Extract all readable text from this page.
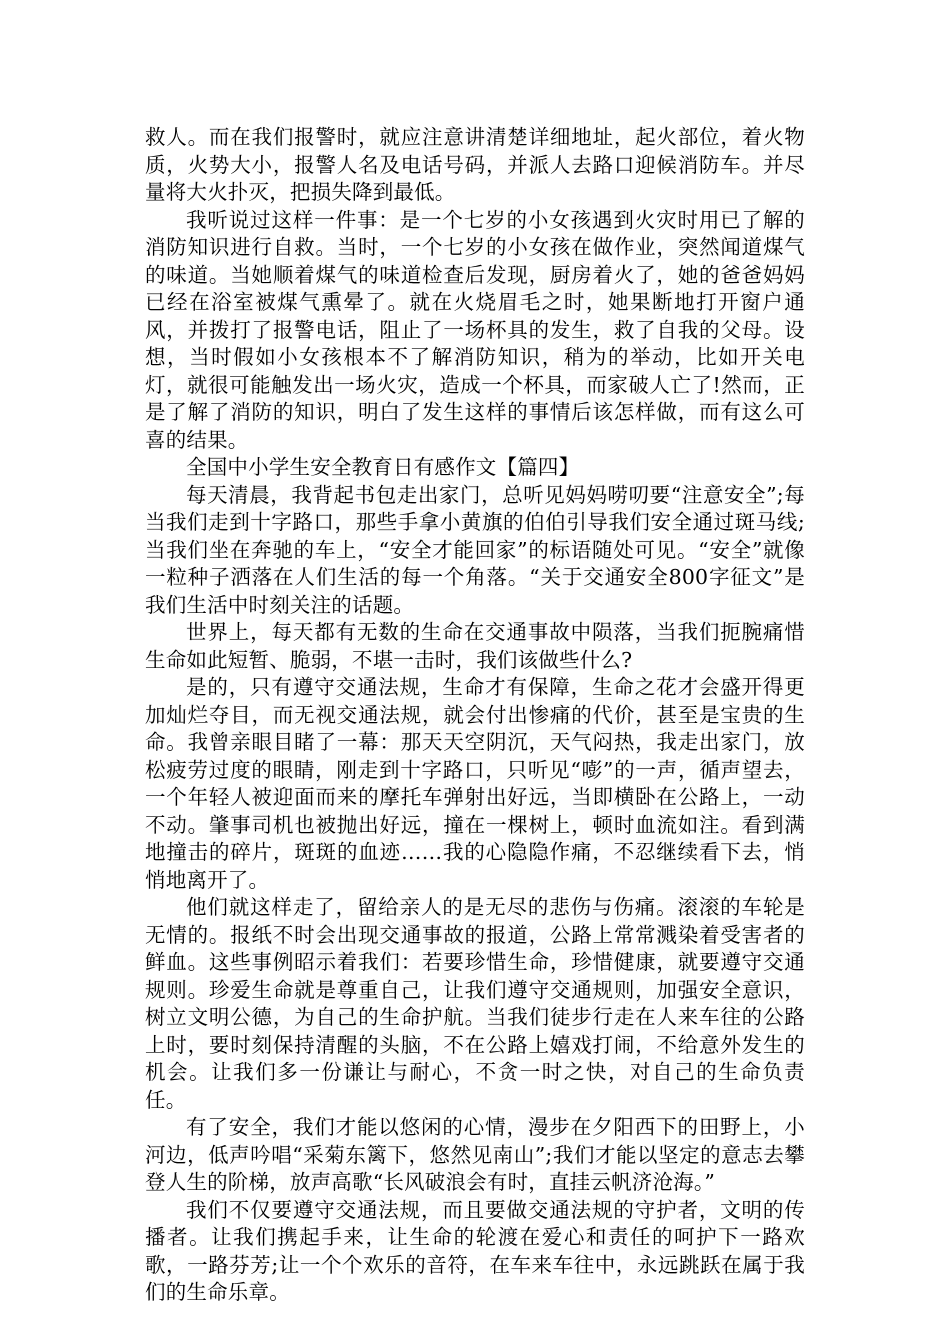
救人。而在我们报警时，就应注意讲清楚详细地址，起火部位，着火物质，火势大小，报警人名及电话号码，并派人去路口迎候消防车。并尽量将大火扑灭，把损失降到最低。

我听说过这样一件事：是一个七岁的小女孩遇到火灾时用已了解的消防知识进行自救。当时，一个七岁的小女孩在做作业，突然闻道煤气的味道。当她顺着煤气的味道检查后发现，厨房着火了，她的爸爸妈妈已经在浴室被煤气熏晕了。就在火烧眉毛之时，她果断地打开窗户通风，并拨打了报警电话，阻止了一场杯具的发生，救了自我的父母。设想，当时假如小女孩根本不了解消防知识，稍为的举动，比如开关电灯，就很可能触发出一场火灾，造成一个杯具，而家破人亡了!然而，正是了解了消防的知识，明白了发生这样的事情后该怎样做，而有这么可喜的结果。

全国中小学生安全教育日有感作文【篇四】

每天清晨，我背起书包走出家门，总听见妈妈唠叨要“注意安全”;每当我们走到十字路口，那些手拿小黄旗的伯伯引导我们安全通过斑马线;当我们坐在奔驰的车上，“安全才能回家”的标语随处可见。“安全”就像一粒种子洒落在人们生活的每一个角落。“关于交通安全800字征文”是我们生活中时刻关注的话题。

世界上，每天都有无数的生命在交通事故中陨落，当我们扼腕痛惜生命如此短暂、脆弱，不堪一击时，我们该做些什么?

是的，只有遵守交通法规，生命才有保障，生命之花才会盛开得更加灿烂夺目，而无视交通法规，就会付出惨痛的代价，甚至是宝贵的生命。我曾亲眼目睹了一幕：那天天空阴沉，天气闷热，我走出家门，放松疲劳过度的眼睛，刚走到十字路口，只听见“嘭”的一声，循声望去，一个年轻人被迎面而来的摩托车弹射出好远，当即横卧在公路上，一动不动。肇事司机也被抛出好远，撞在一棵树上，顿时血流如注。看到满地撞击的碎片，斑斑的血迹……我的心隐隐作痛，不忍继续看下去，悄悄地离开了。

他们就这样走了，留给亲人的是无尽的悲伤与伤痛。滚滚的车轮是无情的。报纸不时会出现交通事故的报道，公路上常常溅染着受害者的鲜血。这些事例昭示着我们：若要珍惜生命，珍惜健康，就要遵守交通规则。珍爱生命就是尊重自己，让我们遵守交通规则，加强安全意识，树立文明公德，为自己的生命护航。当我们徒步行走在人来车往的公路上时，要时刻保持清醒的头脑，不在公路上嬉戏打闹，不给意外发生的机会。让我们多一份谦让与耐心，不贪一时之快，对自己的生命负责任。

有了安全，我们才能以悠闲的心情，漫步在夕阳西下的田野上，小河边，低声吟唱“采菊东篱下，悠然见南山”;我们才能以坚定的意志去攀登人生的阶梯，放声高歌“长风破浪会有时，直挂云帆济沧海。”

我们不仅要遵守交通法规，而且要做交通法规的守护者，文明的传播者。让我们携起手来，让生命的轮渡在爱心和责任的呵护下一路欢歌，一路芬芳;让一个个欢乐的音符，在车来车往中，永远跳跃在属于我们的生命乐章。
